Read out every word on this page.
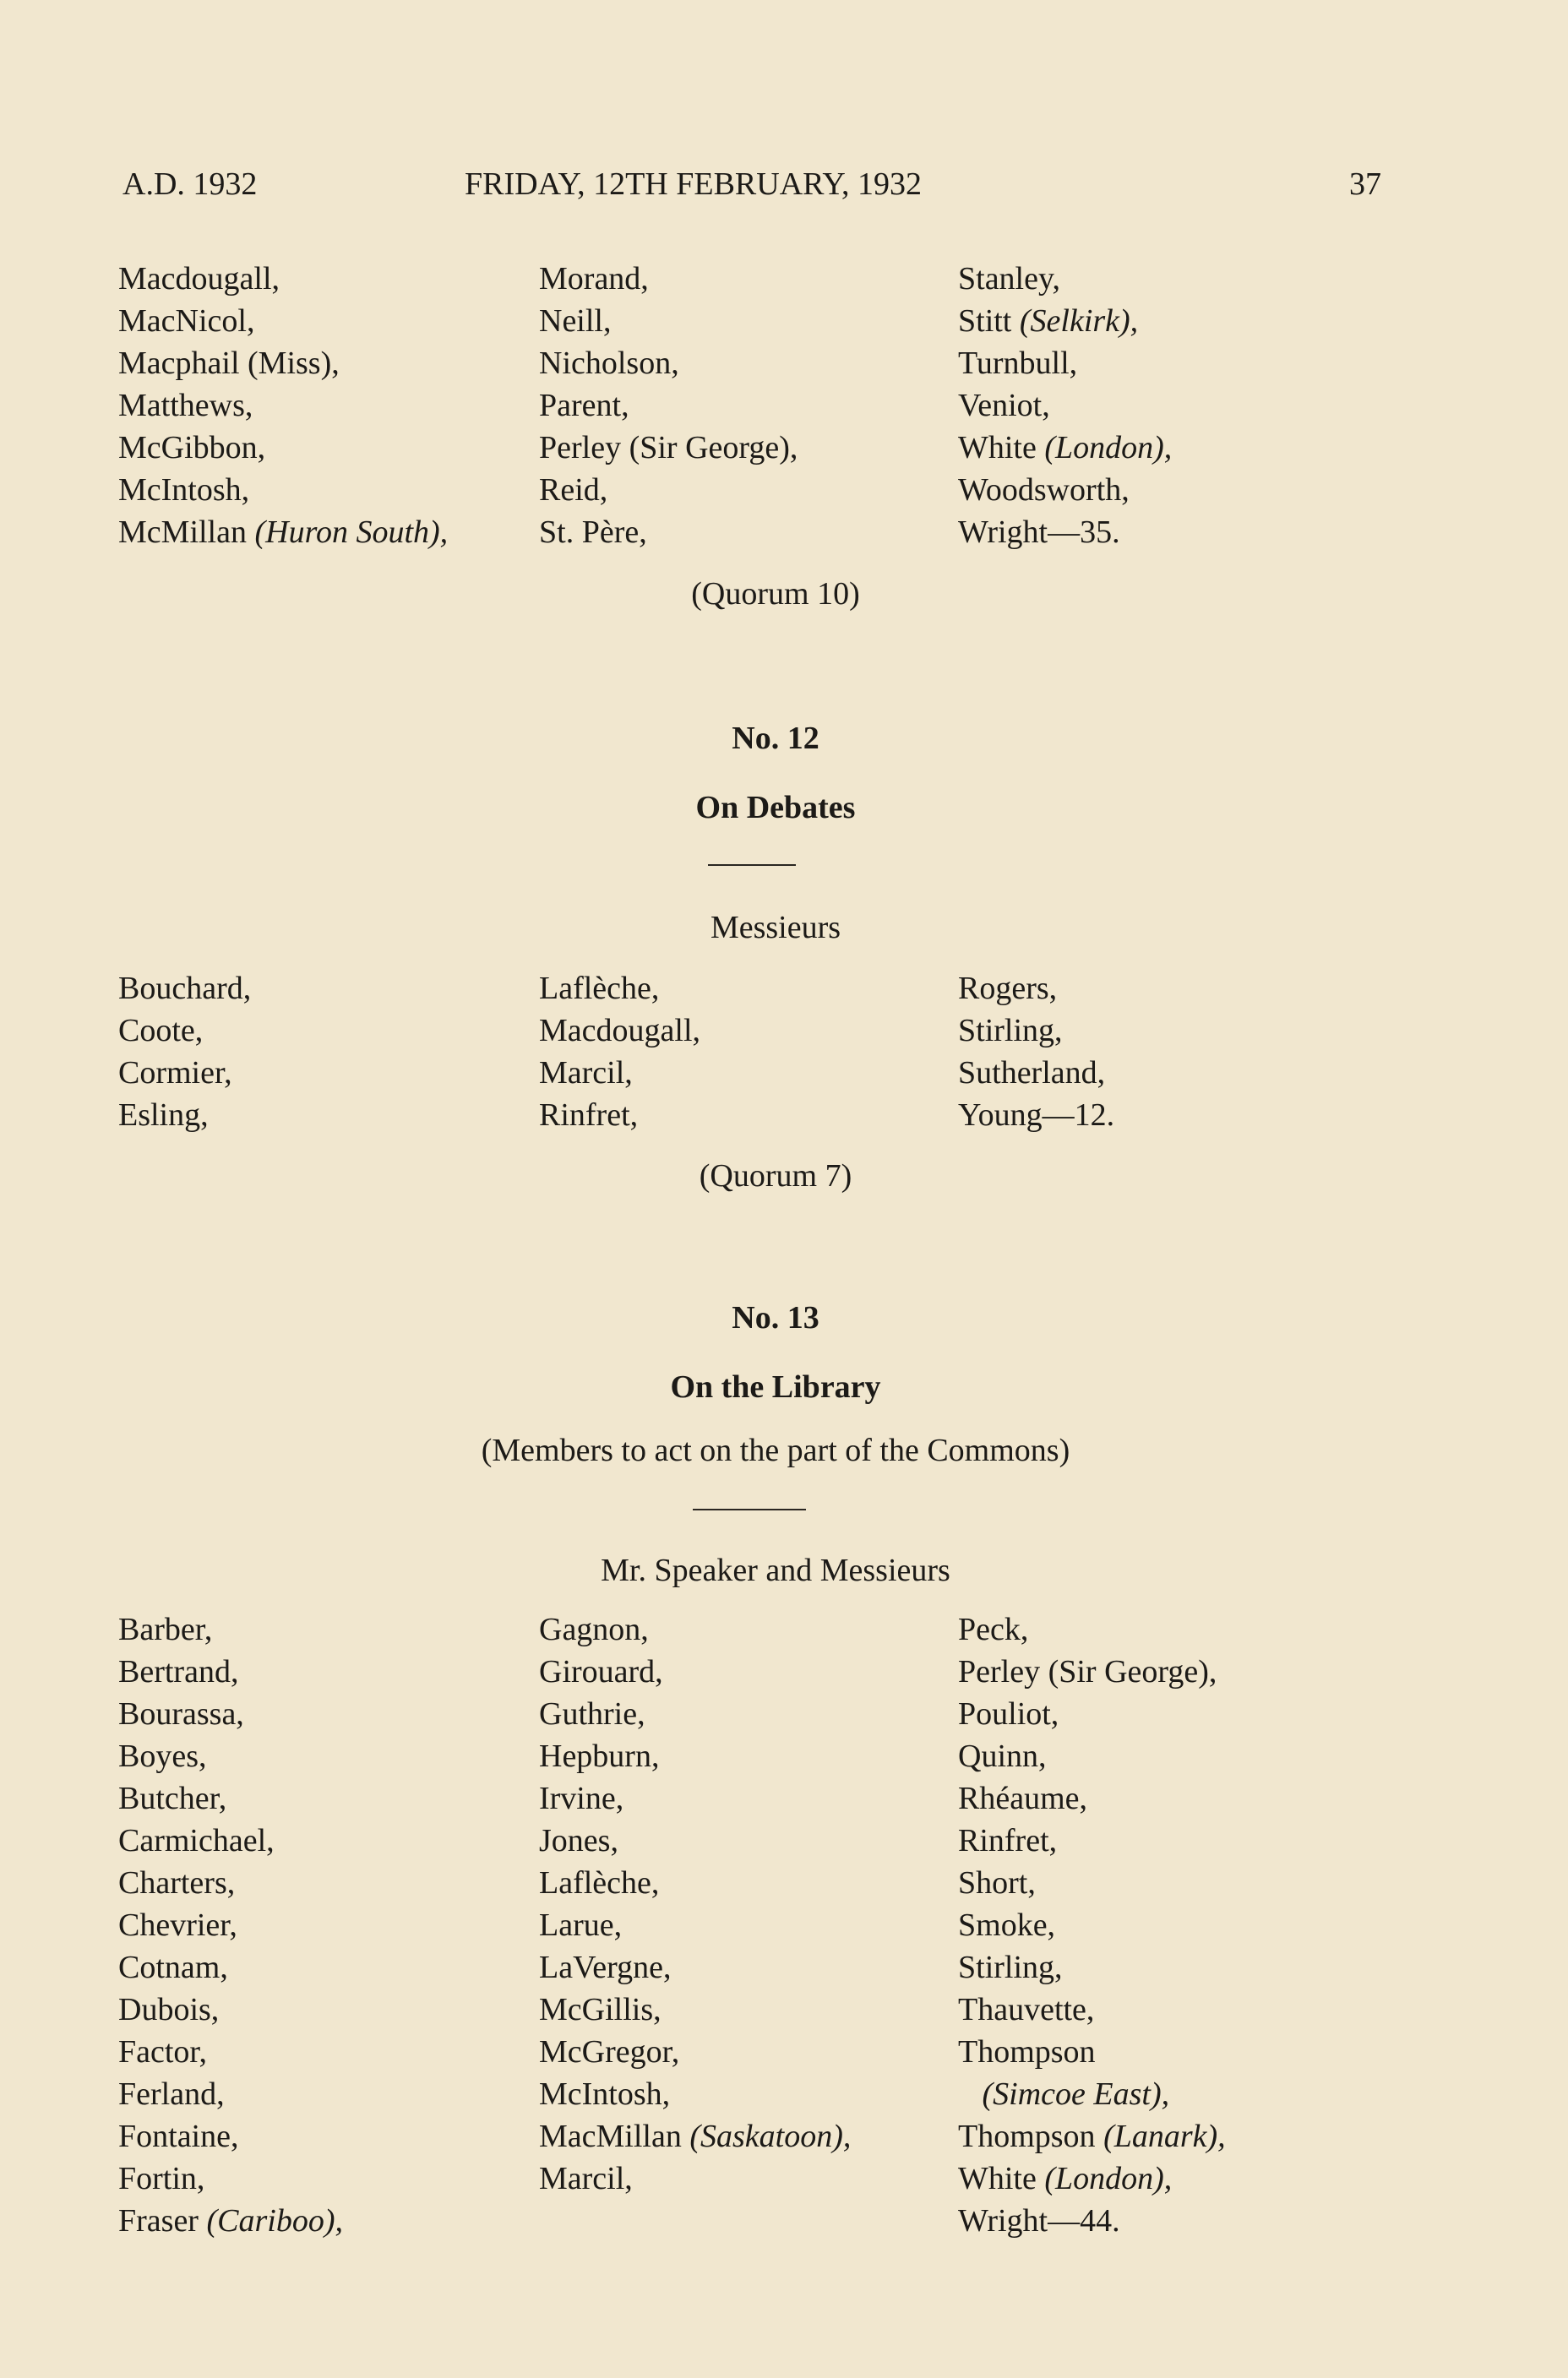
A.D. 1932	FRIDAY, 12TH FEBRUARY, 1932	37
Macdougall,
MacNicol,
Macphail (Miss),
Matthews,
McGibbon,
McIntosh,
McMillan (Huron South),
Morand,
Neill,
Nicholson,
Parent,
Perley (Sir George),
Reid,
St. Père,
Stanley,
Stitt (Selkirk),
Turnbull,
Veniot,
White (London),
Woodsworth,
Wright—35.
(Quorum 10)
No. 12
On Debates
Messieurs
Bouchard,
Coote,
Cormier,
Esling,
Laflèche,
Macdougall,
Marcil,
Rinfret,
Rogers,
Stirling,
Sutherland,
Young—12.
(Quorum 7)
No. 13
On the Library
(Members to act on the part of the Commons)
Mr. Speaker and Messieurs
Barber,
Bertrand,
Bourassa,
Boyes,
Butcher,
Carmichael,
Charters,
Chevrier,
Cotnam,
Dubois,
Factor,
Ferland,
Fontaine,
Fortin,
Fraser (Cariboo),
Gagnon,
Girouard,
Guthrie,
Hepburn,
Irvine,
Jones,
Laflèche,
Larue,
LaVergne,
McGillis,
McGregor,
McIntosh,
MacMillan (Saskatoon),
Marcil,
Peck,
Perley (Sir George),
Pouliot,
Quinn,
Rhéaume,
Rinfret,
Short,
Smoke,
Stirling,
Thauvette,
Thompson
(Simcoe East),
Thompson (Lanark),
White (London),
Wright—44.
